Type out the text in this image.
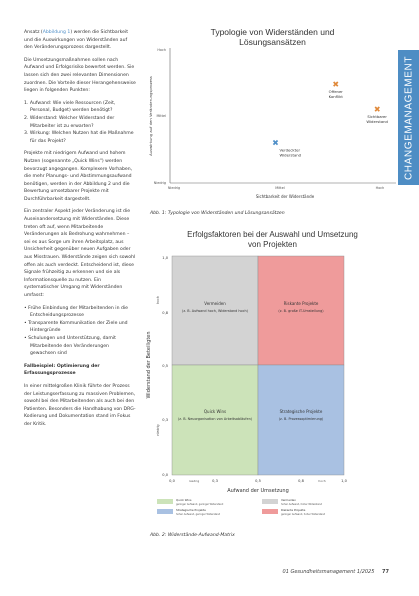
Ansatz (Abbildung 1) werden die Sichtbarkeit und die Auswirkungen von Widerständen auf den Veränderungsprozess dargestellt.

Die Umsetzungsmaßnahmen sollen nach Aufwand und Erfolgsrisiko bewertet werden. Sie lassen sich den zwei relevanten Dimensionen zuordnen. Die Vorteile dieser Herangehensweise liegen in folgenden Punkten:

1. Aufwand: Wie viele Ressourcen (Zeit, Personal, Budget) werden benötigt?
2. Widerstand: Welcher Widerstand der Mitarbeiter ist zu erwarten?
3. Wirkung: Welchen Nutzen hat die Maßnahme für das Projekt?

Projekte mit niedrigem Aufwand und hohem Nutzen (sogenannte „Quick Wins") werden bevorzugt angegangen. Komplexere Vorhaben, die mehr Planungs- und Abstimmungsaufwand benötigen, werden in der Abbildung 2 und die Bewertung umsetzbarer Projekte mit Durchführbarkeit dargestellt.

Ein zentraler Aspekt jeder Veränderung ist die Auseinandersetzung mit Widerständen. Diese treten oft auf, wenn Mitarbeitende Veränderungen als Bedrohung wahrnehmen – sei es aus Sorge um ihren Arbeitsplatz, aus Unsicherheit gegenüber neuen Aufgaben oder aus Misstrauen. Widerstände zeigen sich sowohl offen als auch verdeckt. Entscheidend ist, diese Signale frühzeitig zu erkennen und sie als Informationsquelle zu nutzen. Ein systematischer Umgang mit Widerständen umfasst:

• Frühe Einbindung der Mitarbeitenden in die Entscheidungsprozesse
• Transparente Kommunikation der Ziele und Hintergründe
• Schulungen und Unterstützung, damit Mitarbeitende den Veränderungen gewachsen sind

Fallbeispiel: Optimierung der Erfassungsprozesse

In einer mittelgroßen Klinik führte der Prozess der Leistungserfassung zu massiven Problemen, sowohl bei den Mitarbeitenden als auch bei den Patienten. Besonders die Handhabung von DRG-Kodierung und Dokumentation stand im Fokus der Kritik.

CHANGEMANAGEMENT
Typologie von Widerständen und
Lösungsansätzen
Auswirkung auf den Veränderungsprozess
Sichtbarkeit der Widerstände
Hoch
Mittel
Niedrig
Niedrig	Mittel	Hoch
✖
Verdeckter
Widerstand
✖
Offener
Konflikt
✖
Sichtbarer
Widerstand
Abb. 1: Typologie von Widerständen und Lösungsansätzen
Erfolgsfaktoren bei der Auswahl und Umsetzung
von Projekten
Vermeiden
(z. B. Aufwand hoch, Widerstand hoch)
Riskante Projekte
(z. B. große IT-Umstellung)
Quick Wins
(z. B. Neuorganisation von Arbeitsabläufen)
Strategische Projekte
(z. B. Prozessoptimierung)
Widerstand der Beteiligten
hoch
niedrig
1,0
0,8
0,5
0,3
0,0
0,0	0,3	0,5	0,8	1,0
niedrig	hoch
Aufwand der Umsetzung
Quick Wins
geringer Aufwand, geringer Widerstand
Vermeiden
hoher Aufwand, hoher Widerstand
Strategische Projekte
hoher Aufwand, geringer Widerstand
Riskante Projekte
geringer Aufwand, hoher Widerstand
Abb. 2: Widerstände-Aufwand-Matrix
01 Gesundheitsmanagement 1/2025 77
